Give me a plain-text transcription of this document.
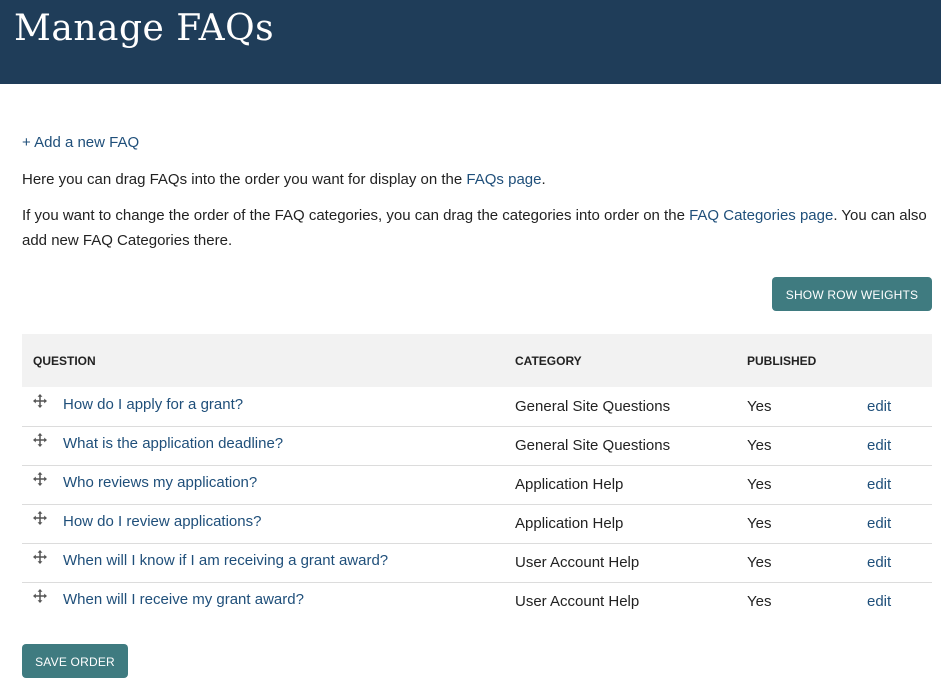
Manage FAQs
+ Add a new FAQ

Here you can drag FAQs into the order you want for display on the FAQs page.

If you want to change the order of the FAQ categories, you can drag the categories into order on the FAQ Categories page. You can also add new FAQ Categories there.

SHOW ROW WEIGHTS
QUESTION	CATEGORY	PUBLISHED	
How do I apply for a grant?	General Site Questions	Yes	edit
What is the application deadline?	General Site Questions	Yes	edit
Who reviews my application?	Application Help	Yes	edit
How do I review applications?	Application Help	Yes	edit
When will I know if I am receiving a grant award?	User Account Help	Yes	edit
When will I receive my grant award?	User Account Help	Yes	edit
SAVE ORDER
